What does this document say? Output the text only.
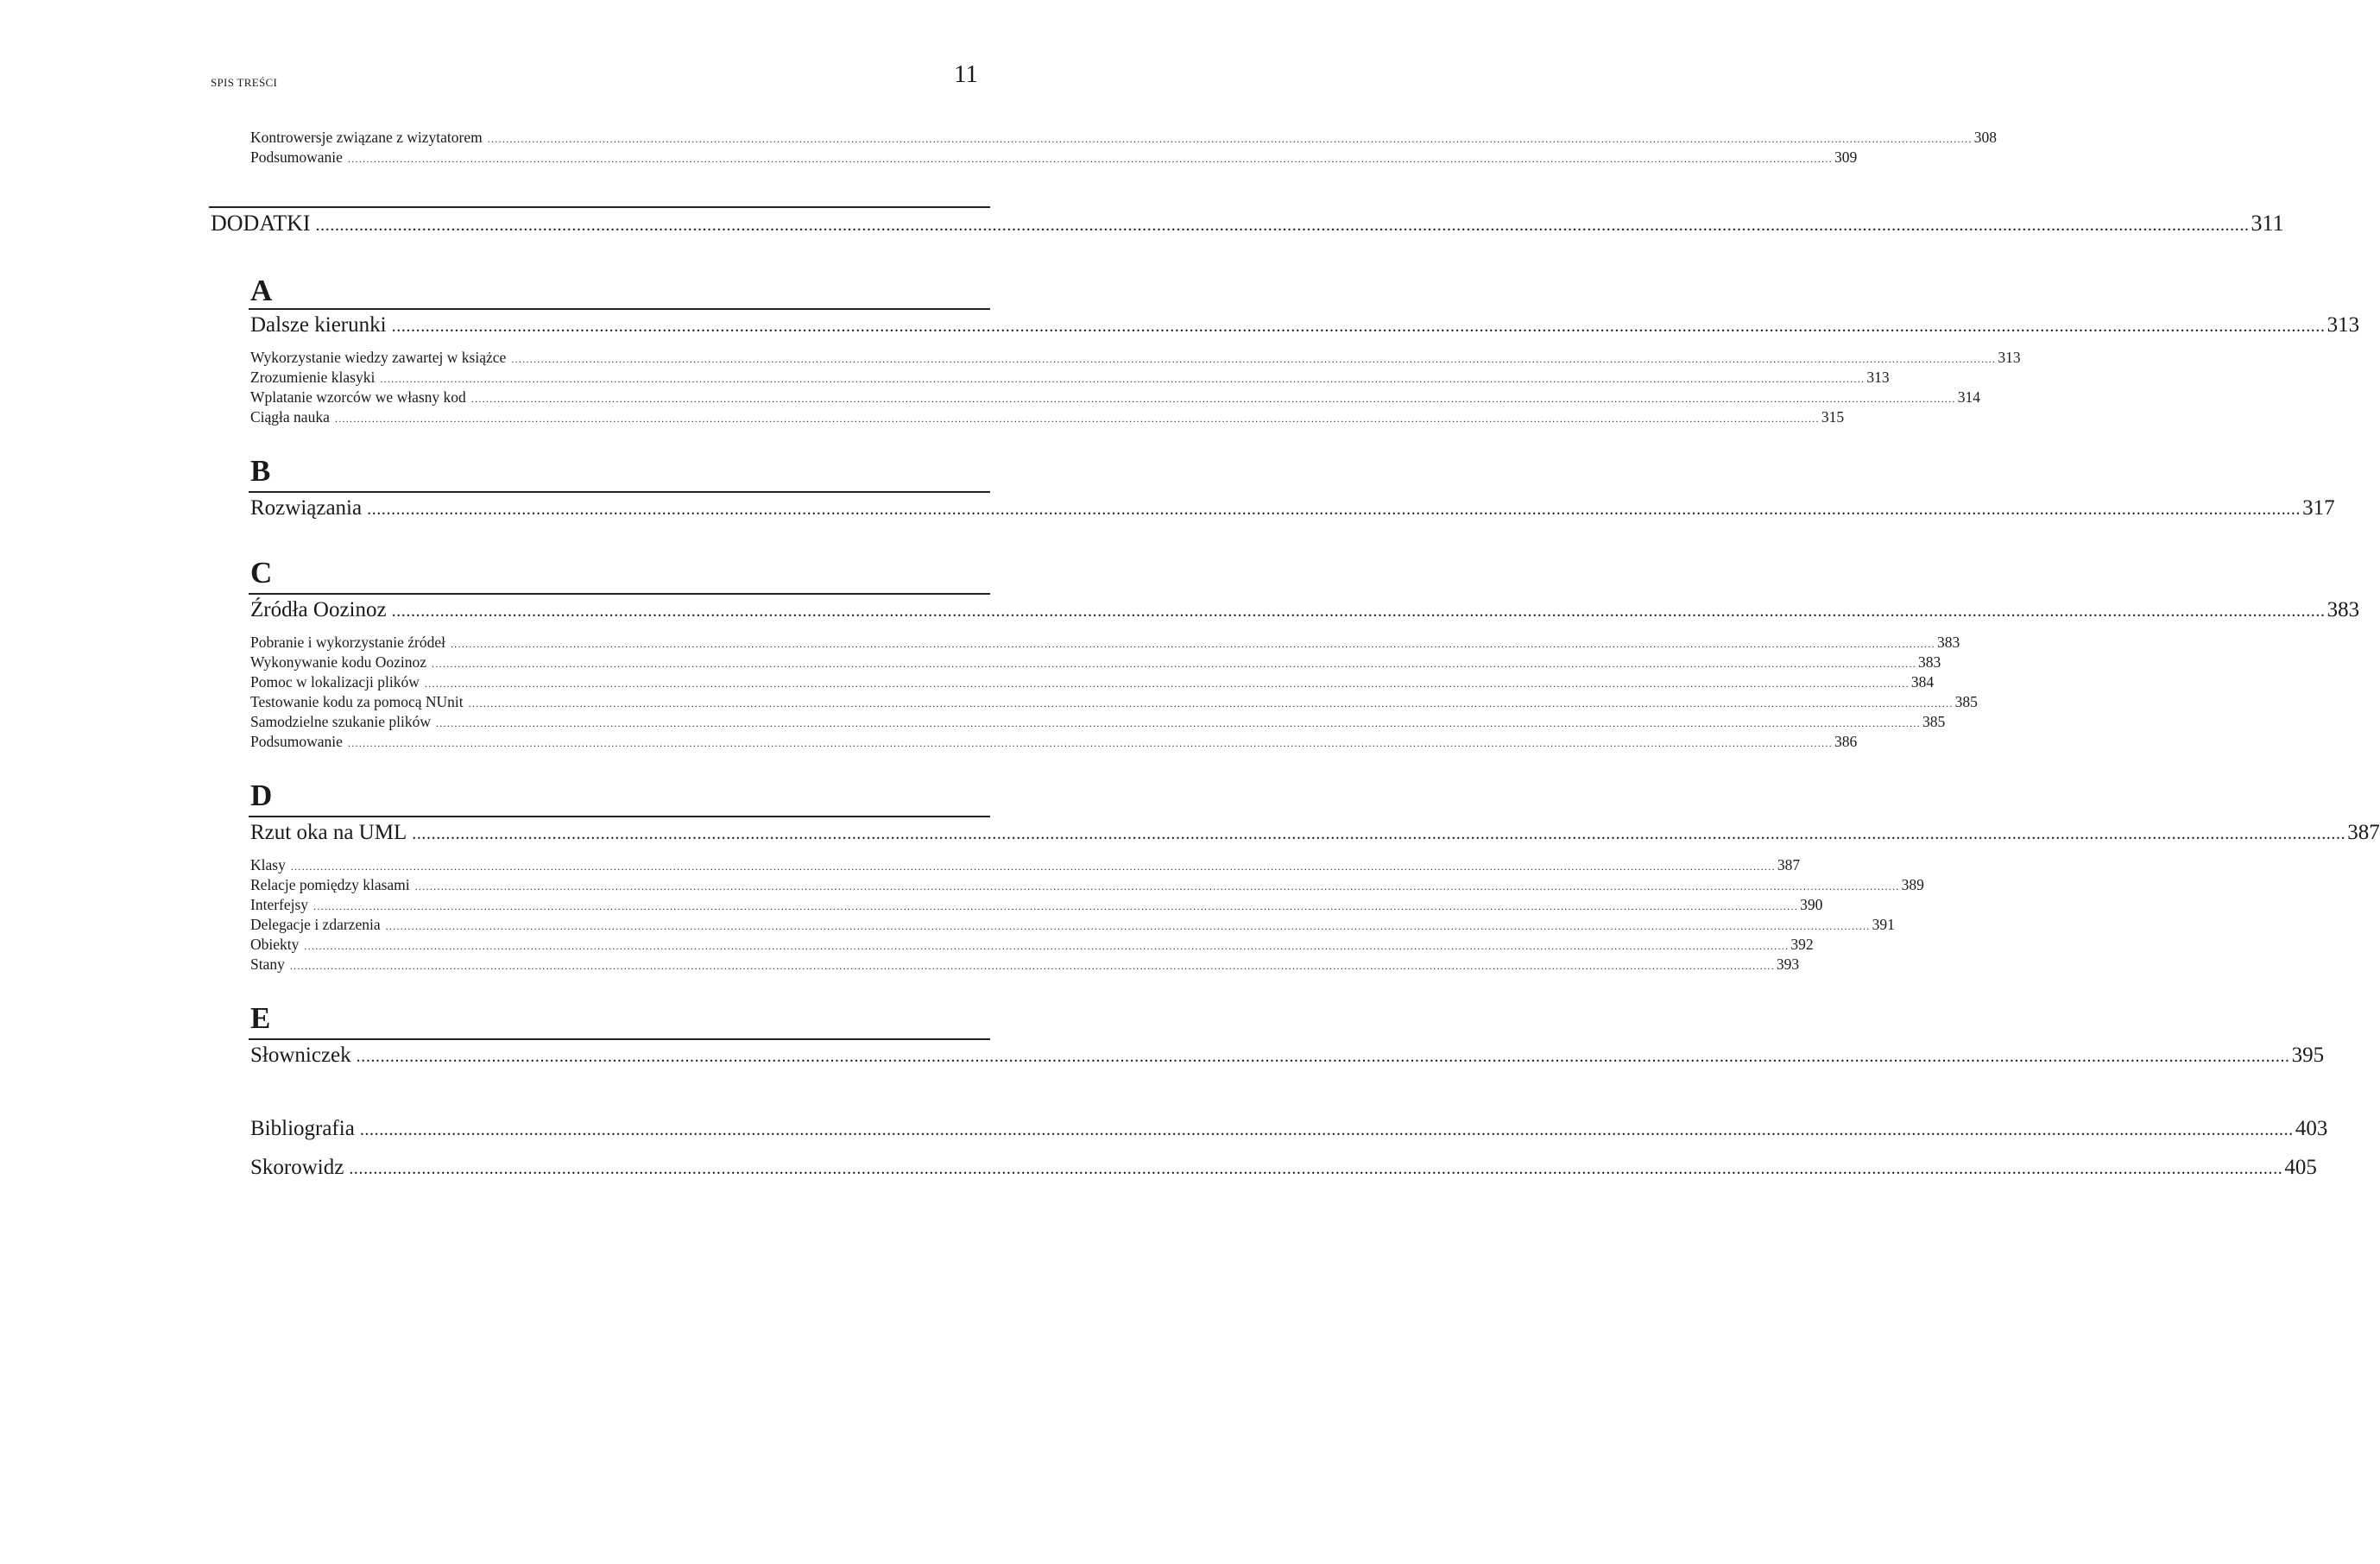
SPIS TREŚCI	11
Kontrowersje związane z wizytatorem ................................................................................................................................................................................................................................................................................................................................................................................................................ 308
Podsumowanie ................................................................................................................................................................................................................................................................................................................................................................................................................ 309
DODATKI ................................................................................................................................................................................................................................................................................................................................................................................................................ 311
A
Dalsze kierunki ................................................................................................................................................................................................................................................................................................................................................................................................................ 313
Wykorzystanie wiedzy zawartej w książce ................................................................................................................................................................................................................................................................................................................................................................................................................ 313
Zrozumienie klasyki ................................................................................................................................................................................................................................................................................................................................................................................................................ 313
Wplatanie wzorców we własny kod ................................................................................................................................................................................................................................................................................................................................................................................................................ 314
Ciągła nauka ................................................................................................................................................................................................................................................................................................................................................................................................................ 315
B
Rozwiązania ................................................................................................................................................................................................................................................................................................................................................................................................................ 317
C
Źródła Oozinoz ................................................................................................................................................................................................................................................................................................................................................................................................................ 383
Pobranie i wykorzystanie źródeł ................................................................................................................................................................................................................................................................................................................................................................................................................ 383
Wykonywanie kodu Oozinoz ................................................................................................................................................................................................................................................................................................................................................................................................................ 383
Pomoc w lokalizacji plików ................................................................................................................................................................................................................................................................................................................................................................................................................ 384
Testowanie kodu za pomocą NUnit ................................................................................................................................................................................................................................................................................................................................................................................................................ 385
Samodzielne szukanie plików ................................................................................................................................................................................................................................................................................................................................................................................................................ 385
Podsumowanie ................................................................................................................................................................................................................................................................................................................................................................................................................ 386
D
Rzut oka na UML ................................................................................................................................................................................................................................................................................................................................................................................................................ 387
Klasy ................................................................................................................................................................................................................................................................................................................................................................................................................ 387
Relacje pomiędzy klasami ................................................................................................................................................................................................................................................................................................................................................................................................................ 389
Interfejsy ................................................................................................................................................................................................................................................................................................................................................................................................................ 390
Delegacje i zdarzenia ................................................................................................................................................................................................................................................................................................................................................................................................................ 391
Obiekty ................................................................................................................................................................................................................................................................................................................................................................................................................ 392
Stany ................................................................................................................................................................................................................................................................................................................................................................................................................ 393
E
Słowniczek ................................................................................................................................................................................................................................................................................................................................................................................................................ 395
Bibliografia ................................................................................................................................................................................................................................................................................................................................................................................................................ 403
Skorowidz ................................................................................................................................................................................................................................................................................................................................................................................................................ 405
